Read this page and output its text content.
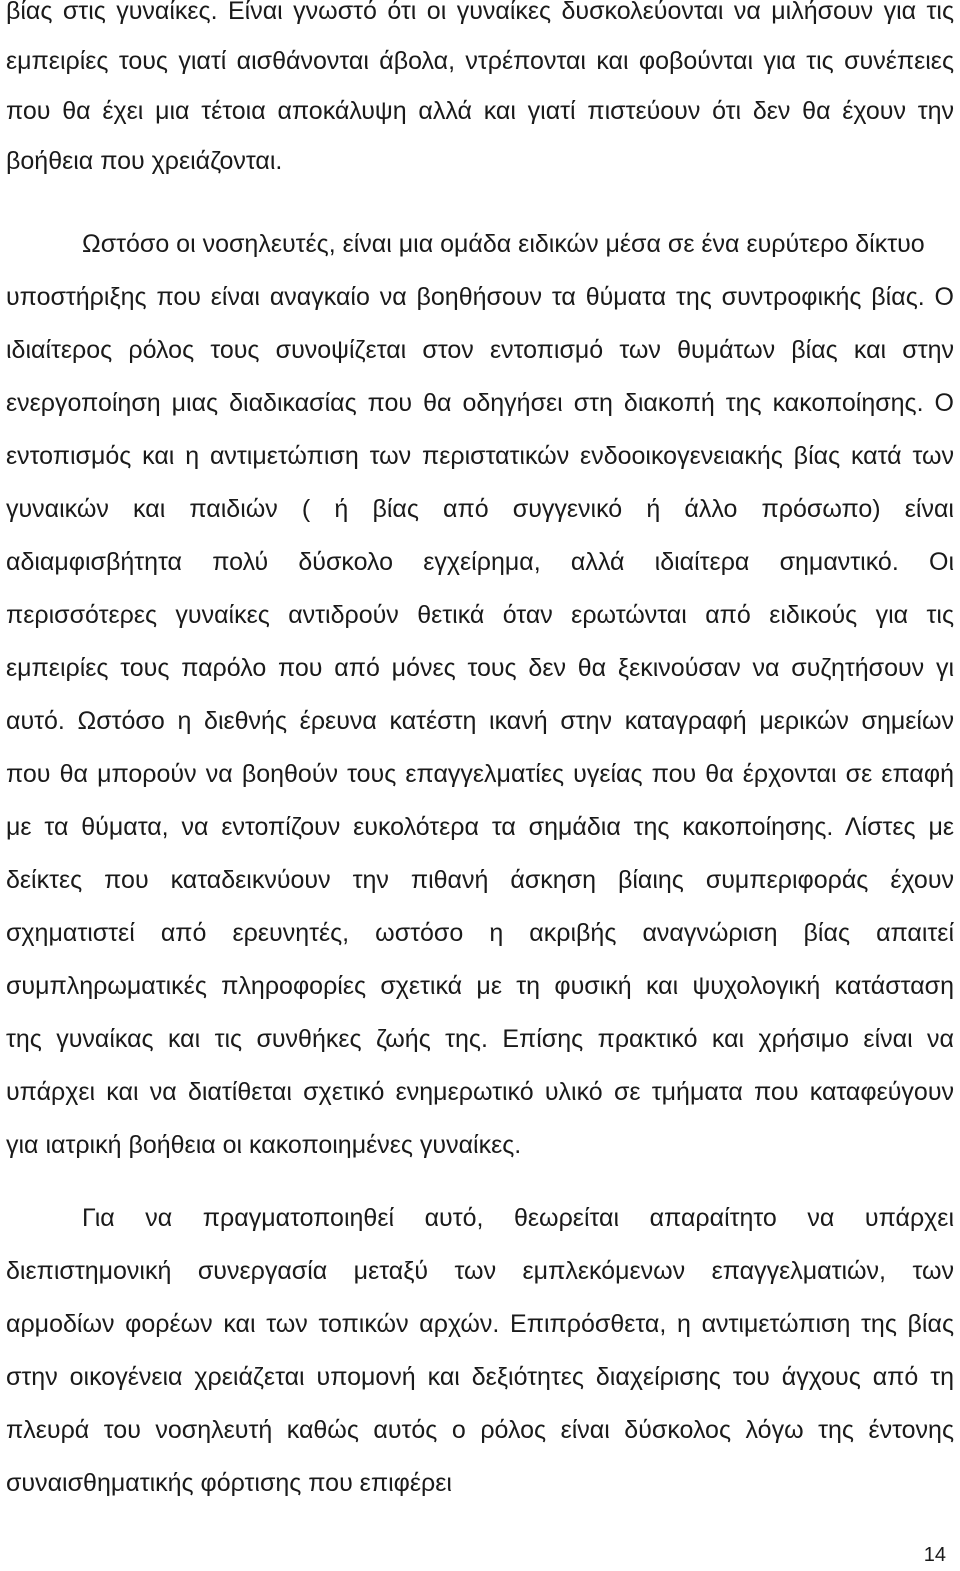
βίας στις γυναίκες. Είναι γνωστό ότι οι γυναίκες δυσκολεύονται να μιλήσουν για τις
εμπειρίες τους γιατί αισθάνονται άβολα, ντρέπονται και φοβούνται για τις συνέπειες
που θα έχει μια τέτοια αποκάλυψη αλλά και γιατί πιστεύουν ότι δεν θα έχουν την
βοήθεια που χρειάζονται.
Ωστόσο οι νοσηλευτές, είναι μια ομάδα ειδικών μέσα σε ένα ευρύτερο δίκτυο
υποστήριξης που είναι αναγκαίο να βοηθήσουν τα θύματα της συντροφικής βίας. Ο
ιδιαίτερος ρόλος τους συνοψίζεται στον εντοπισμό των θυμάτων βίας και στην
ενεργοποίηση μιας διαδικασίας που θα οδηγήσει στη διακοπή της κακοποίησης. Ο
εντοπισμός και η αντιμετώπιση των περιστατικών ενδοοικογενειακής βίας κατά των
γυναικών και παιδιών ( ή βίας από συγγενικό ή άλλο πρόσωπο) είναι
αδιαμφισβήτητα πολύ δύσκολο εγχείρημα, αλλά ιδιαίτερα σημαντικό. Οι
περισσότερες γυναίκες αντιδρούν θετικά όταν ερωτώνται από ειδικούς για τις
εμπειρίες τους παρόλο που από μόνες τους δεν θα ξεκινούσαν να συζητήσουν γι
αυτό. Ωστόσο η διεθνής έρευνα κατέστη ικανή στην καταγραφή μερικών σημείων
που θα μπορούν να βοηθούν τους επαγγελματίες υγείας που θα έρχονται σε επαφή
με τα θύματα, να εντοπίζουν ευκολότερα τα σημάδια της κακοποίησης. Λίστες με
δείκτες που καταδεικνύουν την πιθανή άσκηση βίαιης συμπεριφοράς έχουν
σχηματιστεί από ερευνητές, ωστόσο η ακριβής αναγνώριση βίας απαιτεί
συμπληρωματικές πληροφορίες σχετικά με τη φυσική και ψυχολογική κατάσταση
της γυναίκας και τις συνθήκες ζωής της. Επίσης πρακτικό και χρήσιμο είναι να
υπάρχει και να διατίθεται σχετικό ενημερωτικό υλικό σε τμήματα που καταφεύγουν
για ιατρική βοήθεια οι κακοποιημένες γυναίκες.
Για να πραγματοποιηθεί αυτό, θεωρείται απαραίτητο να υπάρχει
διεπιστημονική συνεργασία μεταξύ των εμπλεκόμενων επαγγελματιών, των
αρμοδίων φορέων και των τοπικών αρχών. Επιπρόσθετα, η αντιμετώπιση της βίας
στην οικογένεια χρειάζεται υπομονή και δεξιότητες διαχείρισης του άγχους από τη
πλευρά του νοσηλευτή καθώς αυτός ο ρόλος είναι δύσκολος λόγω της έντονης
συναισθηματικής φόρτισης που επιφέρει
14
